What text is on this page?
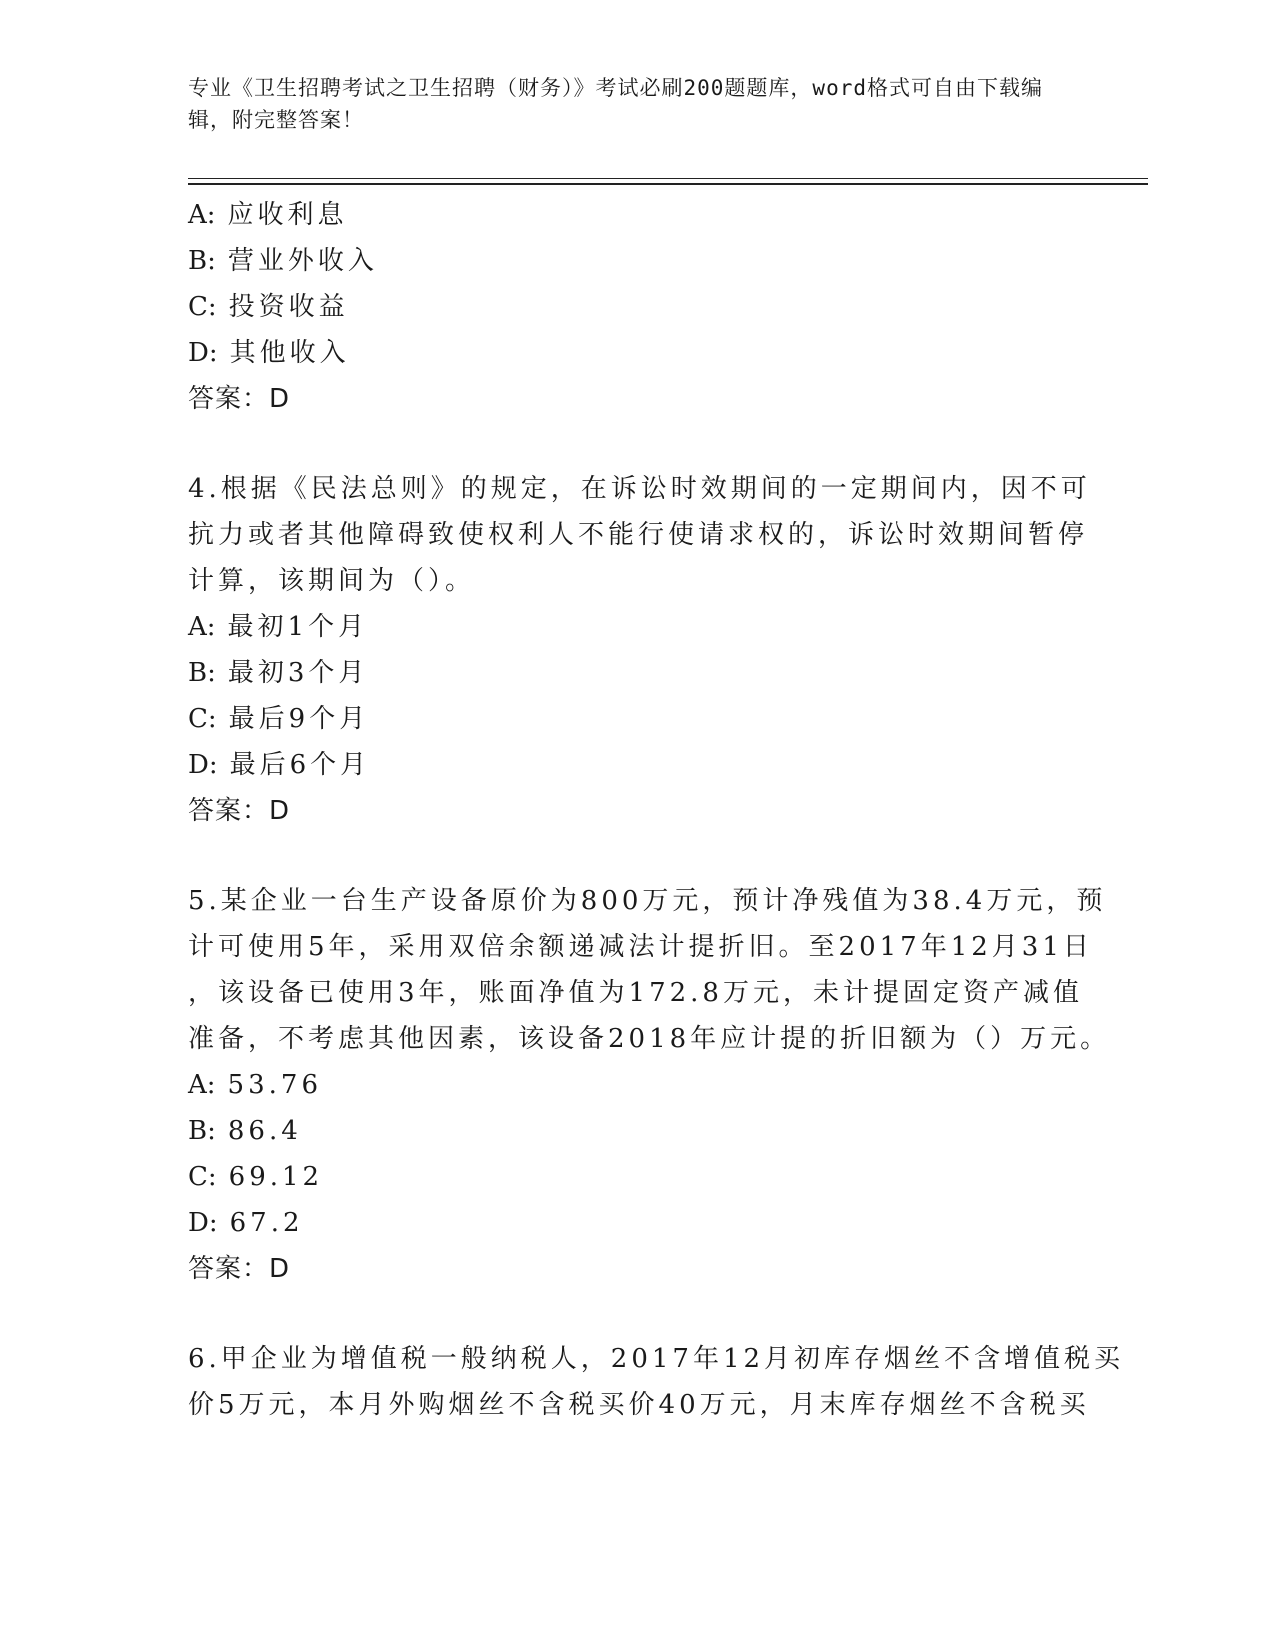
专业《卫生招聘考试之卫生招聘（财务）》考试必刷200题题库，word格式可自由下载编辑，附完整答案！
A: 应收利息
B: 营业外收入
C: 投资收益
D: 其他收入
答案：D
4.根据《民法总则》的规定，在诉讼时效期间的一定期间内，因不可
抗力或者其他障碍致使权利人不能行使请求权的，诉讼时效期间暂停
计算，该期间为（）。
A: 最初1个月
B: 最初3个月
C: 最后9个月
D: 最后6个月
答案：D
5.某企业一台生产设备原价为800万元，预计净残值为38.4万元，预
计可使用5年，采用双倍余额递减法计提折旧。至2017年12月31日
，该设备已使用3年，账面净值为172.8万元，未计提固定资产减值
准备，不考虑其他因素，该设备2018年应计提的折旧额为（）万元。
A: 53.76
B: 86.4
C: 69.12
D: 67.2
答案：D
6.甲企业为增值税一般纳税人，2017年12月初库存烟丝不含增值税买
价5万元，本月外购烟丝不含税买价40万元，月末库存烟丝不含税买
